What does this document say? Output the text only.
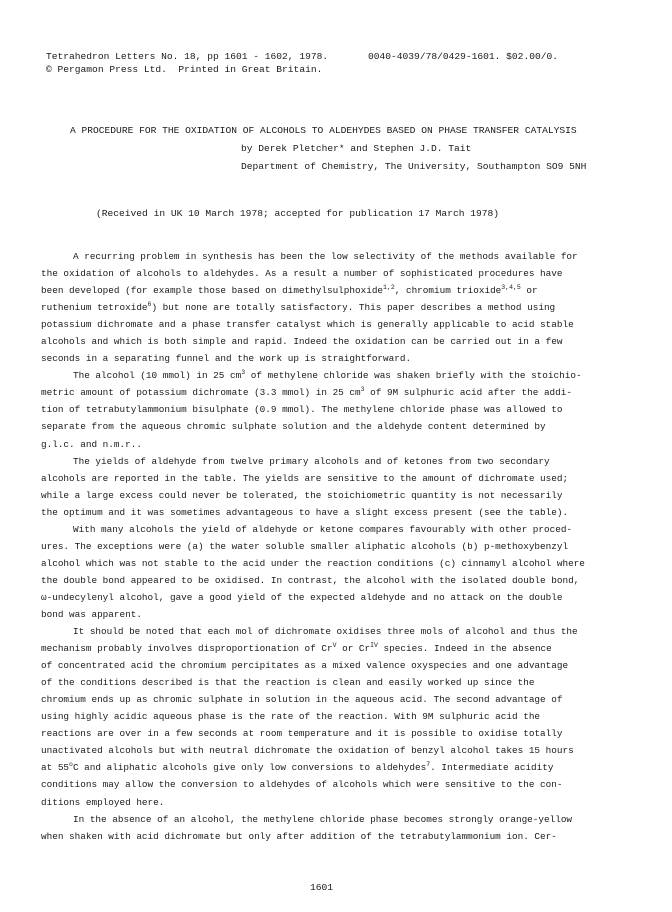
Tetrahedron Letters No. 18, pp 1601 - 1602, 1978.
© Pergamon Press Ltd.  Printed in Great Britain.
0040-4039/78/0429-1601. $02.00/0.
A PROCEDURE FOR THE OXIDATION OF ALCOHOLS TO ALDEHYDES BASED ON PHASE TRANSFER CATALYSIS
by Derek Pletcher* and Stephen J.D. Tait
Department of Chemistry, The University, Southampton SO9 5NH
(Received in UK 10 March 1978; accepted for publication 17 March 1978)

A recurring problem in synthesis has been the low selectivity of the methods available for
the oxidation of alcohols to aldehydes. As a result a number of sophisticated procedures have
been developed (for example those based on dimethylsulphoxide$^{1,2}$, chromium trioxide$^{3,4,5}$ or
ruthenium tetroxide$^6$) but none are totally satisfactory. This paper describes a method using
potassium dichromate and a phase transfer catalyst which is generally applicable to acid stable
alcohols and which is both simple and rapid. Indeed the oxidation can be carried out in a few
seconds in a separating funnel and the work up is straightforward.

The alcohol (10 mmol) in 25 $cm^3$ of methylene chloride was shaken briefly with the stoichio-
metric amount of potassium dichromate (3.3 mmol) in 25 $cm^3$ of 9M sulphuric acid after the addi-
tion of tetrabutylammonium bisulphate (0.9 mmol). The methylene chloride phase was allowed to
separate from the aqueous chromic sulphate solution and the aldehyde content determined by
g.l.c. and n.m.r..

The yields of aldehyde from twelve primary alcohols and of ketones from two secondary
alcohols are reported in the table. The yields are sensitive to the amount of dichromate used;
while a large excess could never be tolerated, the stoichiometric quantity is not necessarily
the optimum and it was sometimes advantageous to have a slight excess present (see the table).

With many alcohols the yield of aldehyde or ketone compares favourably with other proced-
ures. The exceptions were (a) the water soluble smaller aliphatic alcohols (b) p-methoxybenzyl
alcohol which was not stable to the acid under the reaction conditions (c) cinnamyl alcohol where
the double bond appeared to be oxidised. In contrast, the alcohol with the isolated double bond,
ω-undecylenyl alcohol, gave a good yield of the expected aldehyde and no attack on the double
bond was apparent.

It should be noted that each mol of dichromate oxidises three mols of alcohol and thus the
mechanism probably involves disproportionation of $Cr^V$ or $Cr^{IV}$ species. Indeed in the absence
of concentrated acid the chromium percipitates as a mixed valence oxyspecies and one advantage
of the conditions described is that the reaction is clean and easily worked up since the
chromium ends up as chromic sulphate in solution in the aqueous acid. The second advantage of
using highly acidic aqueous phase is the rate of the reaction. With 9M sulphuric acid the
reactions are over in a few seconds at room temperature and it is possible to oxidise totally
unactivated alcohols but with neutral dichromate the oxidation of benzyl alcohol takes 15 hours
at 55$^o$C and aliphatic alcohols give only low conversions to aldehydes$^7$. Intermediate acidity
conditions may allow the conversion to aldehydes of alcohols which were sensitive to the con-
ditions employed here.

In the absence of an alcohol, the methylene chloride phase becomes strongly orange-yellow
when shaken with acid dichromate but only after addition of the tetrabutylammonium ion. Cer-

1601
